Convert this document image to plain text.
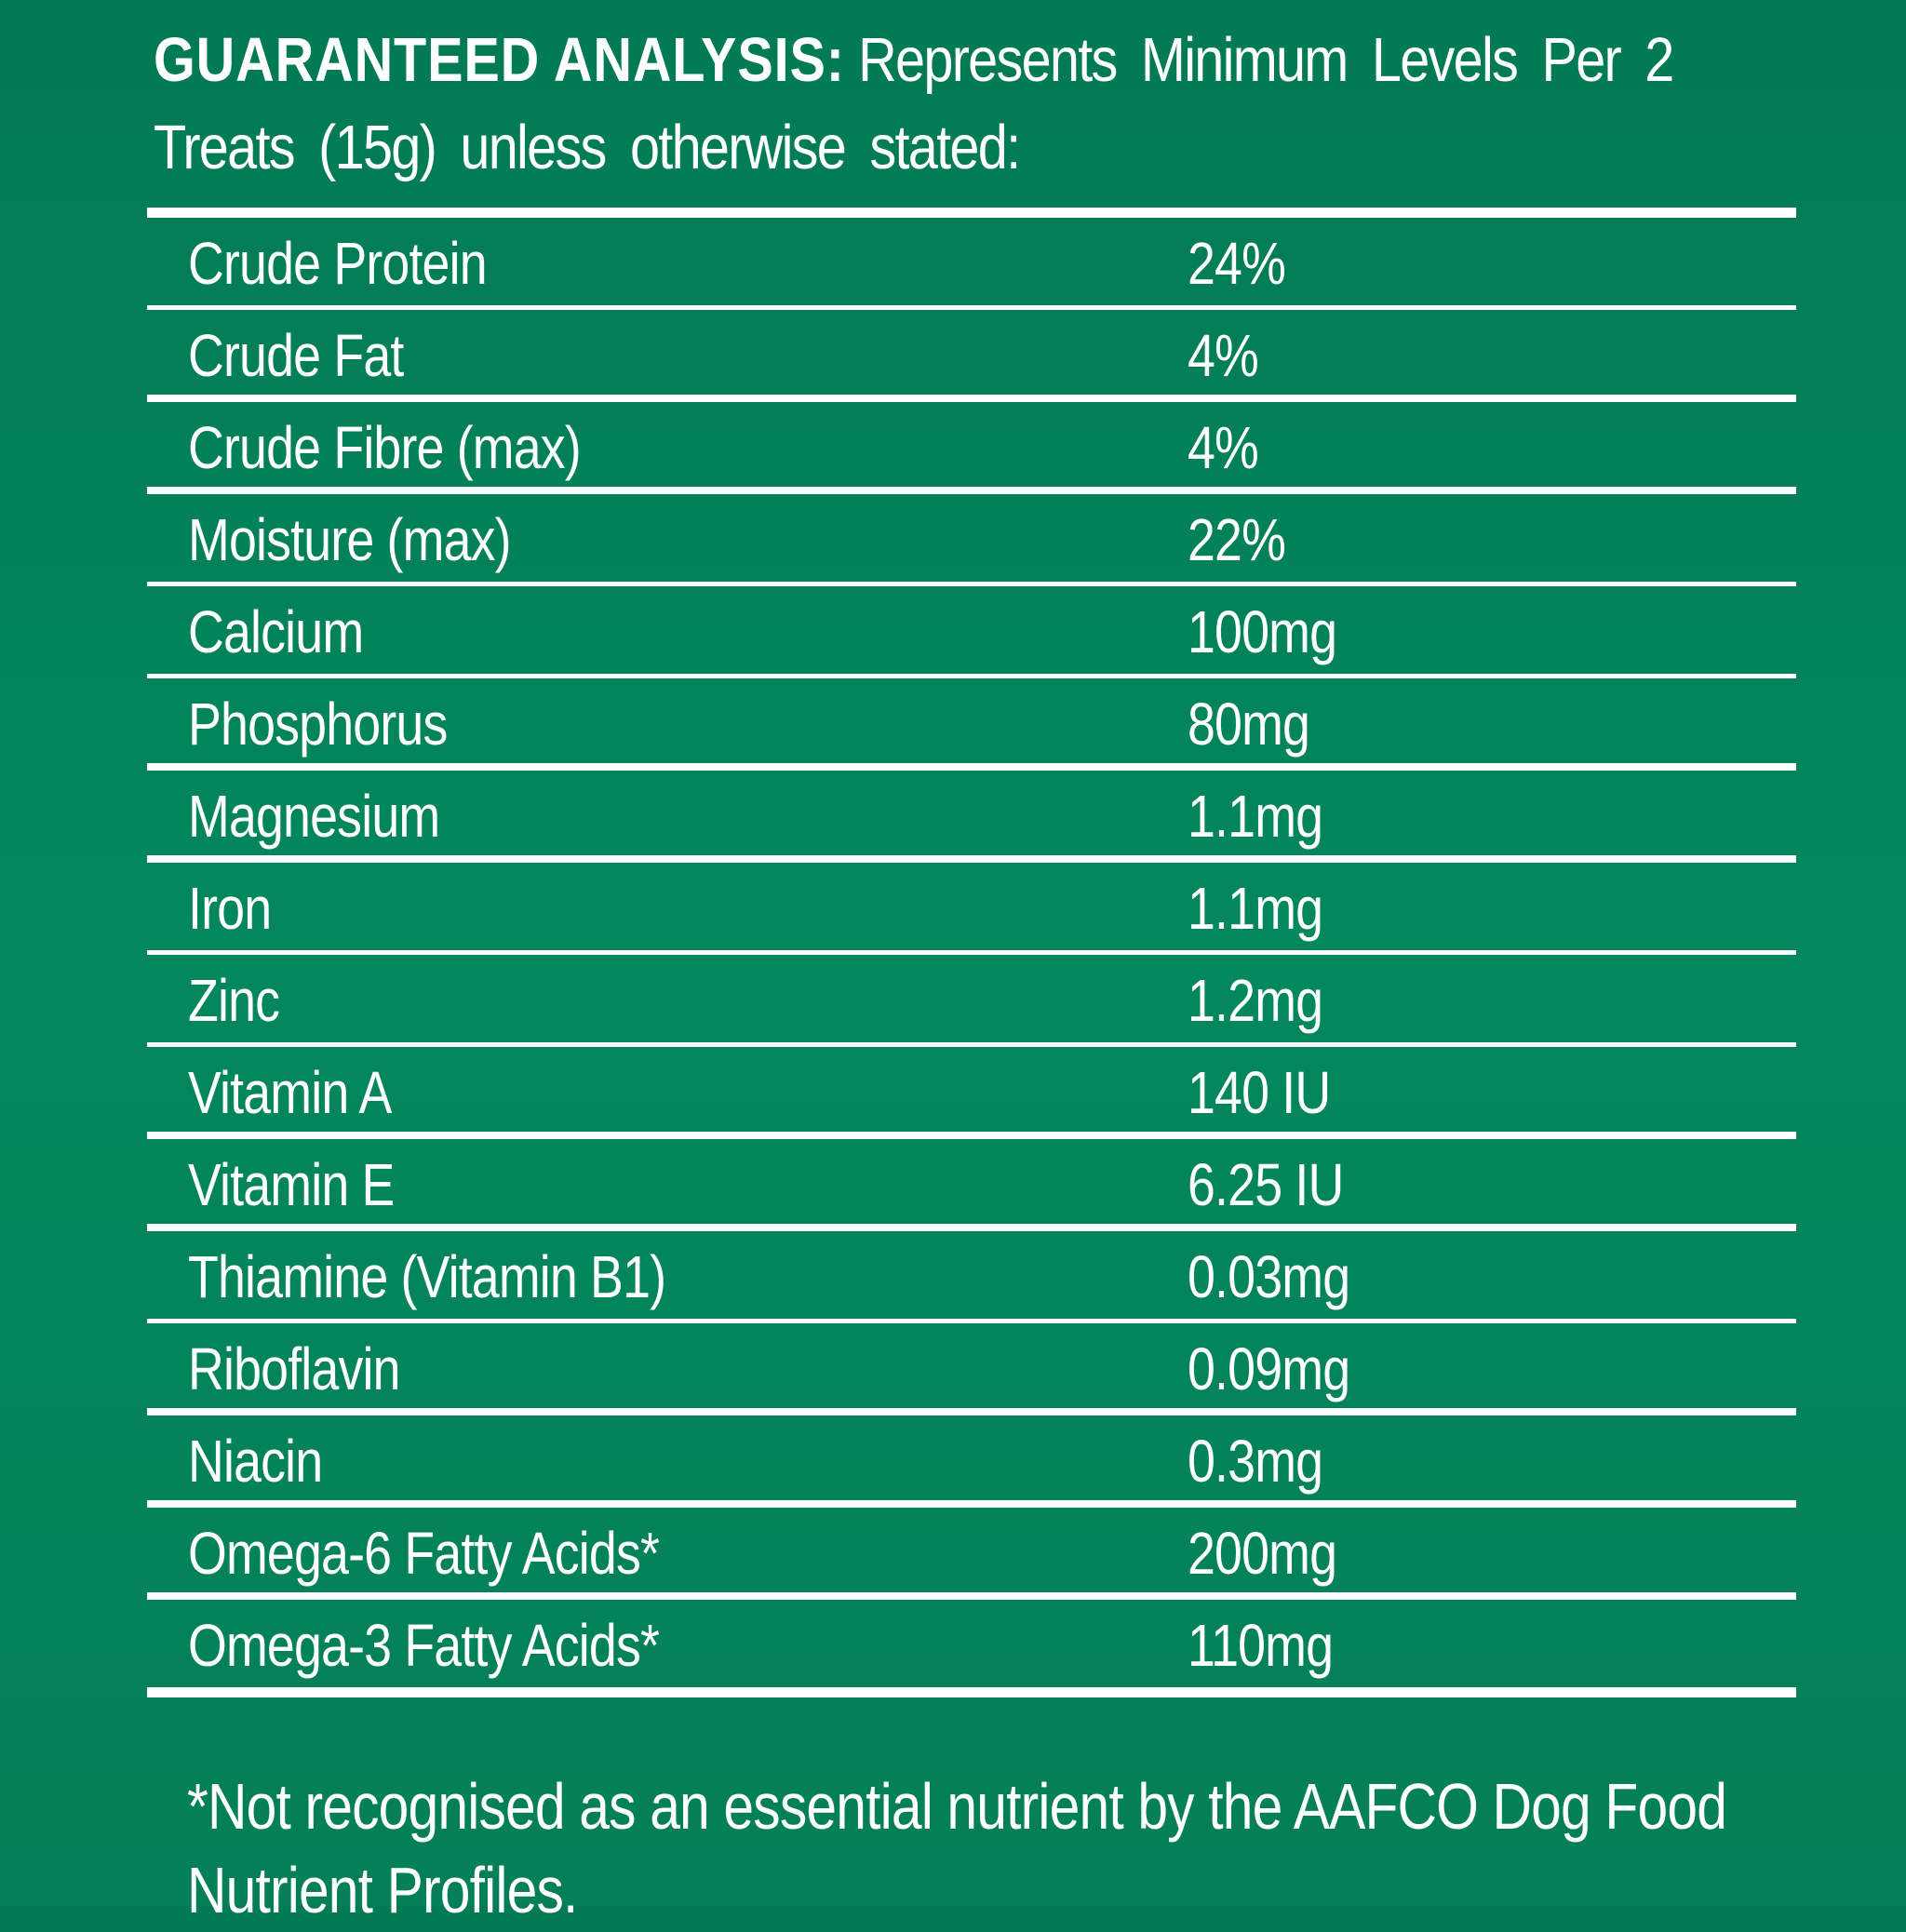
GUARANTEED ANALYSIS: Represents Minimum Levels Per 2 Treats (15g) unless otherwise stated:
Crude Protein	24%
Crude Fat	4%
Crude Fibre (max)	4%
Moisture (max)	22%
Calcium	100mg
Phosphorus	80mg
Magnesium	1.1mg
Iron	1.1mg
Zinc	1.2mg
Vitamin A	140 IU
Vitamin E	6.25 IU
Thiamine (Vitamin B1)	0.03mg
Riboflavin	0.09mg
Niacin	0.3mg
Omega-6 Fatty Acids*	200mg
Omega-3 Fatty Acids*	110mg
*Not recognised as an essential nutrient by the AAFCO Dog Food
Nutrient Profiles.
